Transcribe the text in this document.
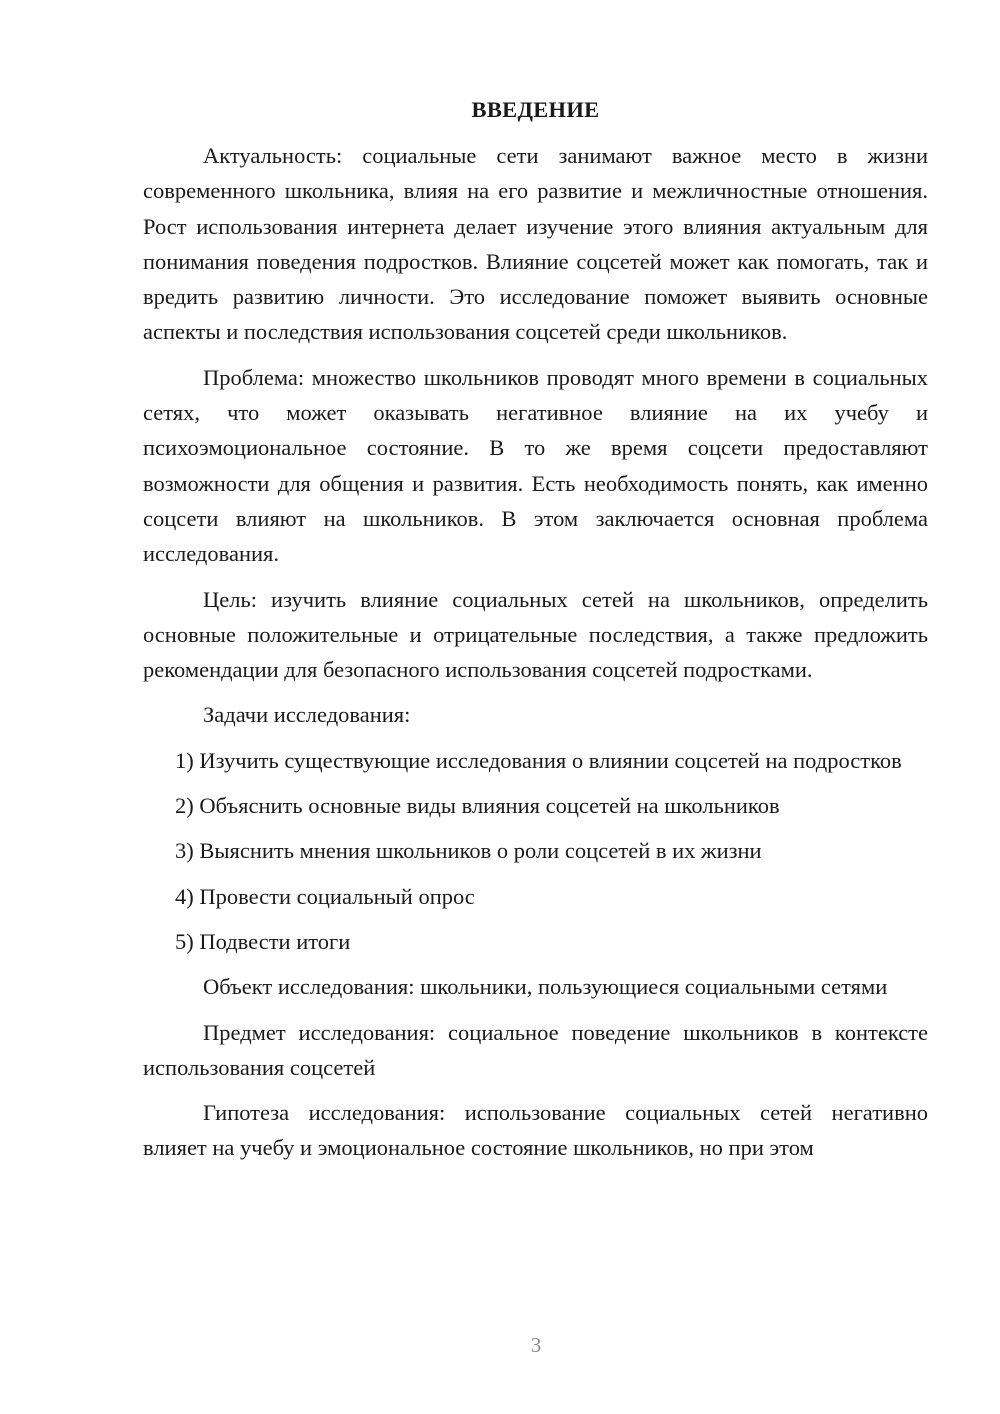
ВВЕДЕНИЕ

Актуальность: социальные сети занимают важное место в жизни современного школьника, влияя на его развитие и межличностные отношения. Рост использования интернета делает изучение этого влияния актуальным для понимания поведения подростков. Влияние соцсетей может как помогать, так и вредить развитию личности. Это исследование поможет выявить основные аспекты и последствия использования соцсетей среди школьников.

Проблема: множество школьников проводят много времени в социальных сетях, что может оказывать негативное влияние на их учебу и психоэмоциональное состояние. В то же время соцсети предоставляют возможности для общения и развития. Есть необходимость понять, как именно соцсети влияют на школьников. В этом заключается основная проблема исследования.

Цель: изучить влияние социальных сетей на школьников, определить основные положительные и отрицательные последствия, а также предложить рекомендации для безопасного использования соцсетей подростками.

Задачи исследования:

1) Изучить существующие исследования о влиянии соцсетей на подростков

2) Объяснить основные виды влияния соцсетей на школьников

3) Выяснить мнения школьников о роли соцсетей в их жизни

4) Провести социальный опрос

5) Подвести итоги

Объект исследования: школьники, пользующиеся социальными сетями

Предмет исследования: социальное поведение школьников в контексте использования соцсетей

Гипотеза исследования: использование социальных сетей негативно влияет на учебу и эмоциональное состояние школьников, но при этом

3
